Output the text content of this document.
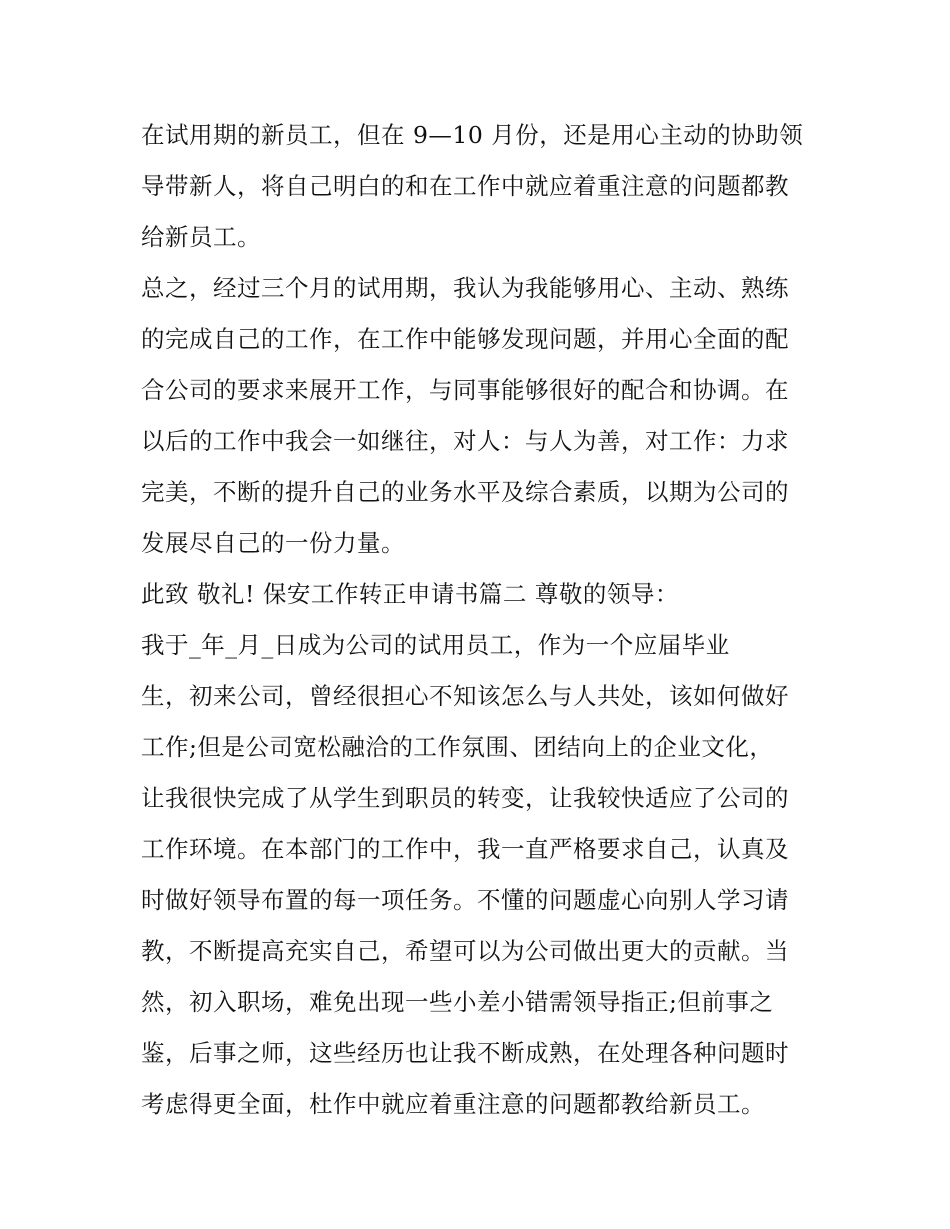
在试用期的新员工，但在 9—10 月份，还是用心主动的协助领
导带新人，将自己明白的和在工作中就应着重注意的问题都教
给新员工。
总之，经过三个月的试用期，我认为我能够用心、主动、熟练
的完成自己的工作，在工作中能够发现问题，并用心全面的配
合公司的要求来展开工作，与同事能够很好的配合和协调。在
以后的工作中我会一如继往，对人：与人为善，对工作：力求
完美，不断的提升自己的业务水平及综合素质，以期为公司的
发展尽自己的一份力量。
此致 敬礼! 保安工作转正申请书篇二 尊敬的领导：
我于_年_月_日成为公司的试用员工，作为一个应届毕业
生，初来公司，曾经很担心不知该怎么与人共处，该如何做好
工作;但是公司宽松融洽的工作氛围、团结向上的企业文化，
让我很快完成了从学生到职员的转变，让我较快适应了公司的
工作环境。在本部门的工作中，我一直严格要求自己，认真及
时做好领导布置的每一项任务。不懂的问题虚心向别人学习请
教，不断提高充实自己，希望可以为公司做出更大的贡献。当
然，初入职场，难免出现一些小差小错需领导指正;但前事之
鉴，后事之师，这些经历也让我不断成熟，在处理各种问题时
考虑得更全面，杜作中就应着重注意的问题都教给新员工。
